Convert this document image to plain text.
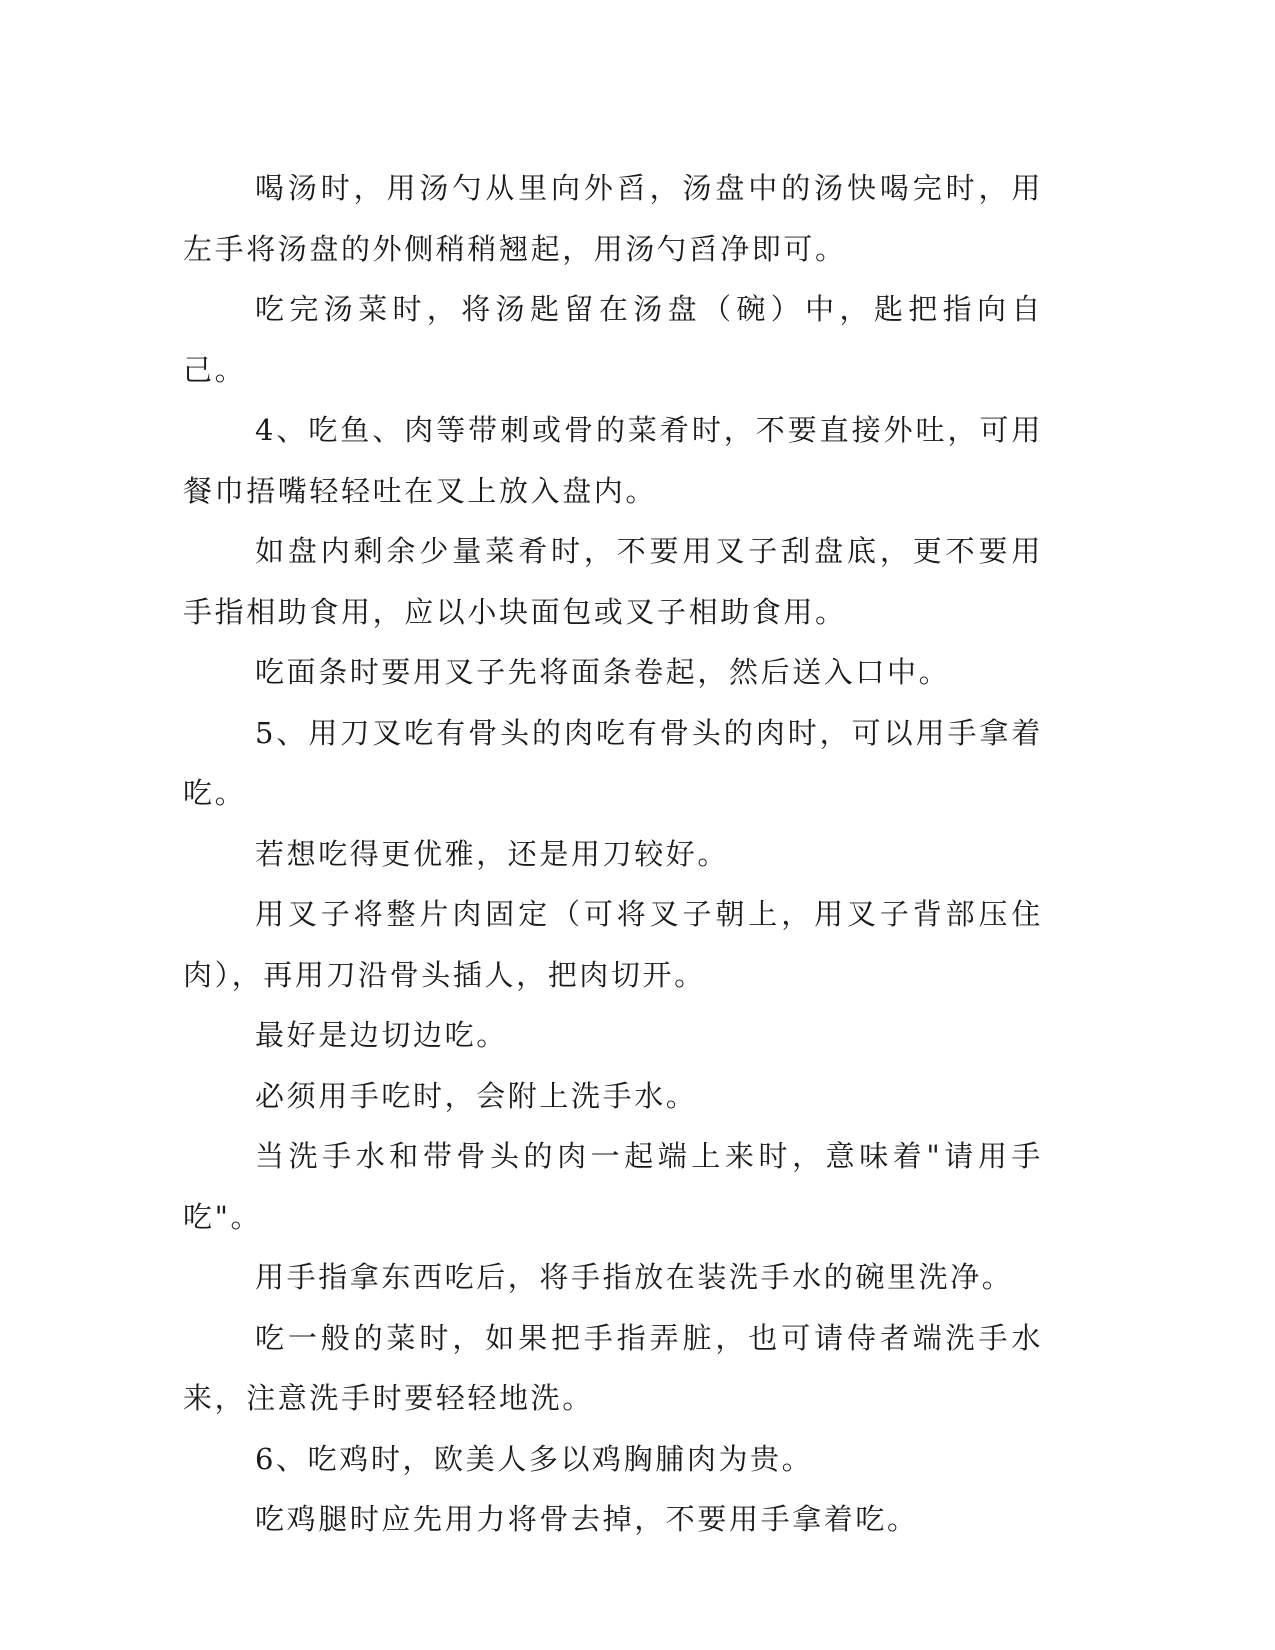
喝汤时，用汤勺从里向外舀，汤盘中的汤快喝完时，用左手将汤盘的外侧稍稍翘起，用汤勺舀净即可。

吃完汤菜时，将汤匙留在汤盘（碗）中，匙把指向自己。

4、吃鱼、肉等带刺或骨的菜肴时，不要直接外吐，可用餐巾捂嘴轻轻吐在叉上放入盘内。

如盘内剩余少量菜肴时，不要用叉子刮盘底，更不要用手指相助食用，应以小块面包或叉子相助食用。

吃面条时要用叉子先将面条卷起，然后送入口中。

5、用刀叉吃有骨头的肉吃有骨头的肉时，可以用手拿着吃。

若想吃得更优雅，还是用刀较好。

用叉子将整片肉固定（可将叉子朝上，用叉子背部压住肉），再用刀沿骨头插人，把肉切开。

最好是边切边吃。

必须用手吃时，会附上洗手水。

当洗手水和带骨头的肉一起端上来时，意味着"请用手吃"。

用手指拿东西吃后，将手指放在装洗手水的碗里洗净。

吃一般的菜时，如果把手指弄脏，也可请侍者端洗手水来，注意洗手时要轻轻地洗。

6、吃鸡时，欧美人多以鸡胸脯肉为贵。

吃鸡腿时应先用力将骨去掉，不要用手拿着吃。
